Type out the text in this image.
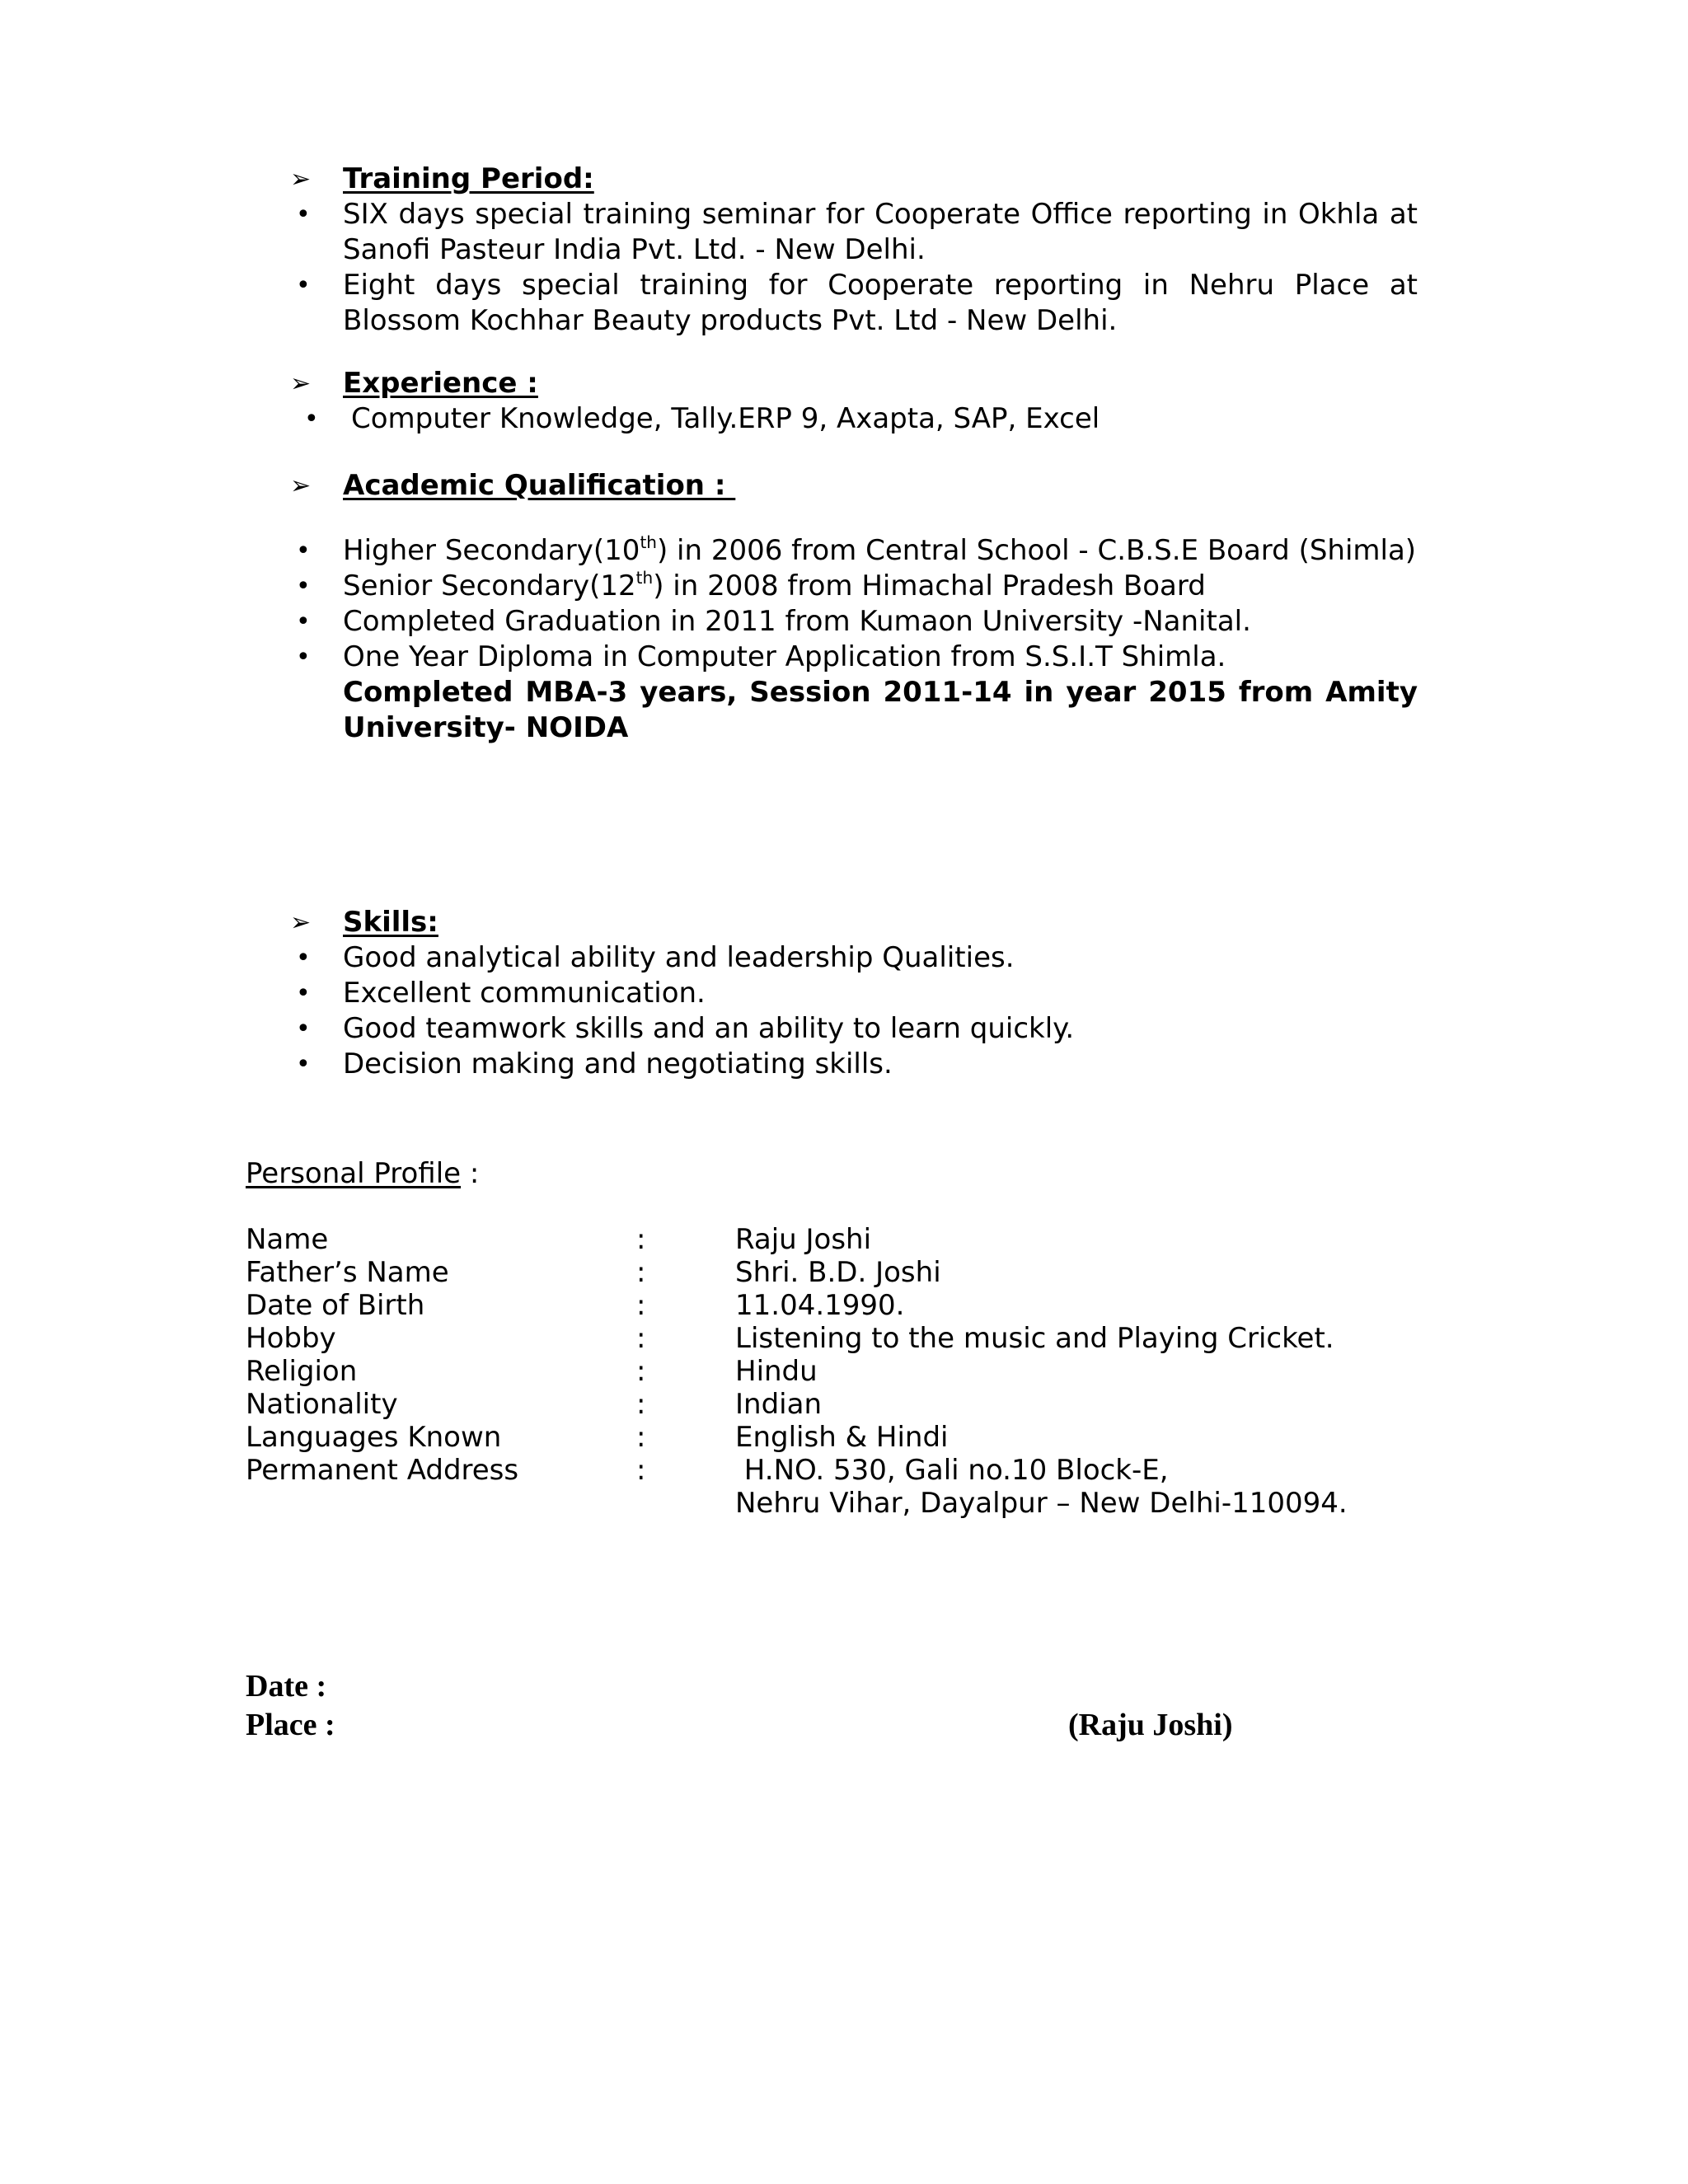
➢ Training Period:
• SIX days special training seminar for Cooperate Office reporting in Okhla at Sanofi Pasteur India Pvt. Ltd. - New Delhi.
• Eight days special training for Cooperate reporting in Nehru Place at Blossom Kochhar Beauty products Pvt. Ltd - New Delhi.
➢ Experience :
• Computer Knowledge, Tally.ERP 9, Axapta, SAP, Excel
➢ Academic Qualification :
• Higher Secondary(10th) in 2006 from Central School - C.B.S.E Board (Shimla)
• Senior Secondary(12th) in 2008 from Himachal Pradesh Board
• Completed Graduation in 2011 from Kumaon University -Nanital.
• One Year Diploma in Computer Application from S.S.I.T Shimla.
Completed MBA-3 years, Session 2011-14 in year 2015 from Amity University- NOIDA
➢ Skills:
• Good analytical ability and leadership Qualities.
• Excellent communication.
• Good teamwork skills and an ability to learn quickly.
• Decision making and negotiating skills.
Personal Profile :
Name	:	Raju Joshi
Father’s Name	:	Shri. B.D. Joshi
Date of Birth	:	11.04.1990.
Hobby	:	Listening to the music and Playing Cricket.
Religion	:	Hindu
Nationality	:	Indian
Languages Known	:	English & Hindi
Permanent Address	:	H.NO. 530, Gali no.10 Block-E,
Nehru Vihar, Dayalpur – New Delhi-110094.
Date :
Place :	(Raju Joshi)
